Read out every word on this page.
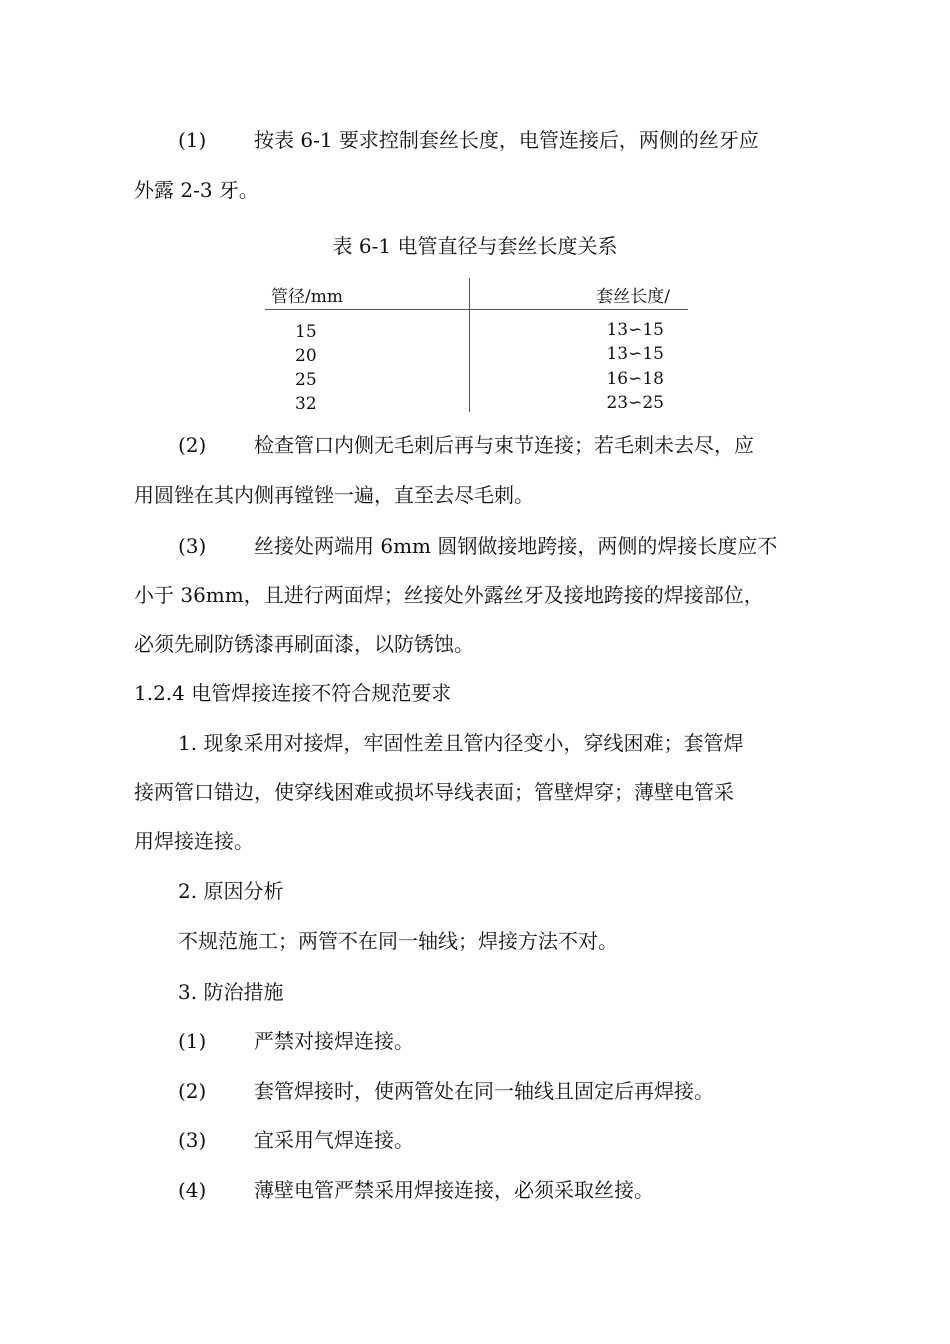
(1) 按表 6-1 要求控制套丝长度，电管连接后，两侧的丝牙应
外露 2-3 牙。
表 6-1 电管直径与套丝长度关系
管径/mm	套丝长度/
15	13∽15
20	13∽15
25	16∽18
32	23∽25
(2) 检查管口内侧无毛刺后再与束节连接；若毛刺未去尽，应
用圆锉在其内侧再镗锉一遍，直至去尽毛刺。
(3) 丝接处两端用 6mm 圆钢做接地跨接，两侧的焊接长度应不
小于 36mm，且进行两面焊；丝接处外露丝牙及接地跨接的焊接部位，
必须先刷防锈漆再刷面漆，以防锈蚀。
1.2.4 电管焊接连接不符合规范要求
1. 现象采用对接焊，牢固性差且管内径变小，穿线困难；套管焊
接两管口错边，使穿线困难或损坏导线表面；管壁焊穿；薄壁电管采
用焊接连接。
2. 原因分析
不规范施工；两管不在同一轴线；焊接方法不对。
3. 防治措施
(1) 严禁对接焊连接。
(2) 套管焊接时，使两管处在同一轴线且固定后再焊接。
(3) 宜采用气焊连接。
(4) 薄壁电管严禁采用焊接连接，必须采取丝接。
